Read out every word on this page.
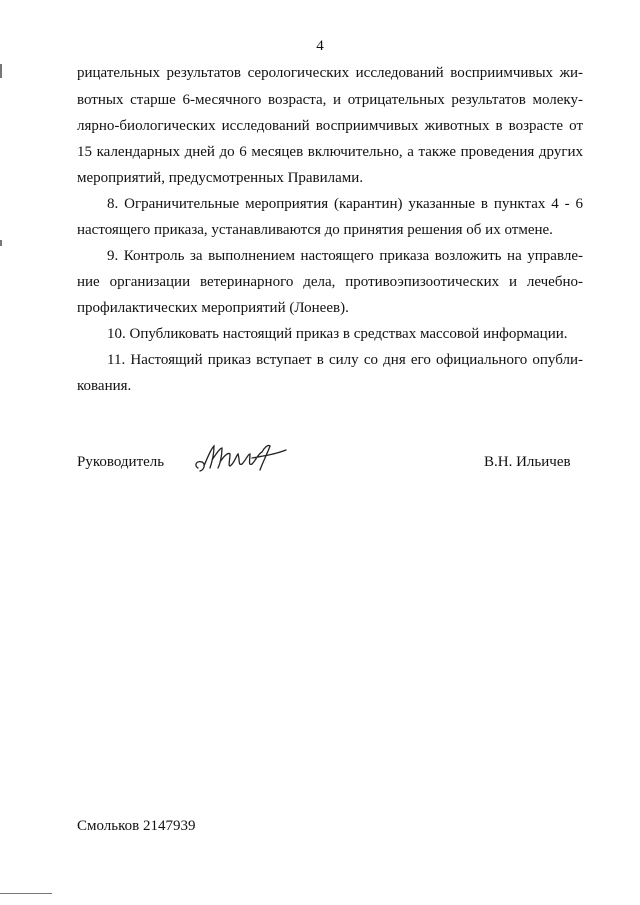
4
рицательных результатов серологических исследований восприимчивых жи-
вотных старше 6-месячного возраста, и отрицательных результатов молеку-
лярно-биологических исследований восприимчивых животных в возрасте от
15 календарных дней до 6 месяцев включительно, а также проведения других
мероприятий, предусмотренных Правилами.
8. Ограничительные мероприятия (карантин) указанные в пунктах 4 - 6
настоящего приказа, устанавливаются до принятия решения об их отмене.
9. Контроль за выполнением настоящего приказа возложить на управле-
ние организации ветеринарного дела, противоэпизоотических и лечебно-
профилактических мероприятий (Лонеев).
10. Опубликовать настоящий приказ в средствах массовой информации.
11. Настоящий приказ вступает в силу со дня его официального опубли-
кования.
Руководитель	В.Н. Ильичев
Смольков 2147939
